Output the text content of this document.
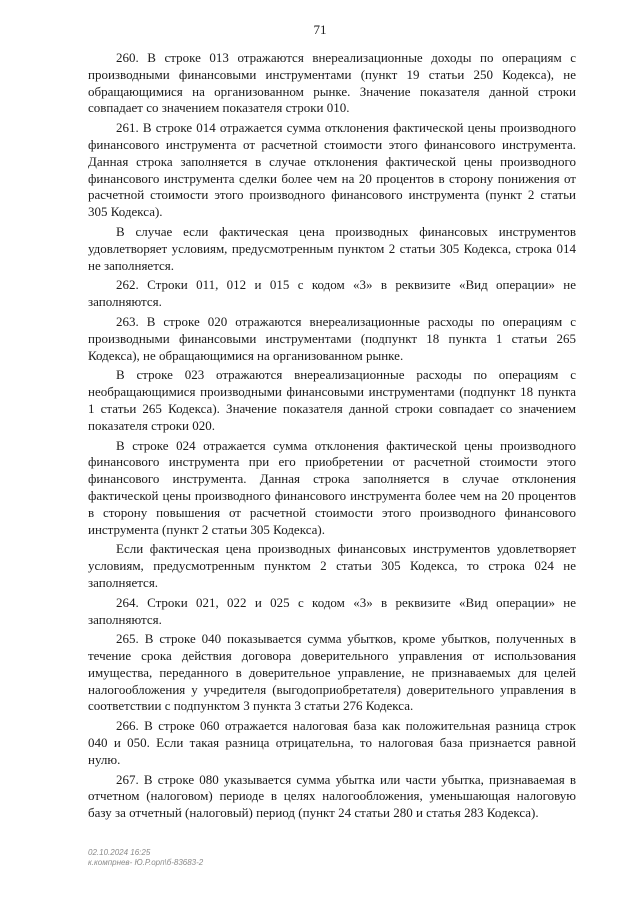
71

260. В строке 013 отражаются внереализационные доходы по операциям с производными финансовыми инструментами (пункт 19 статьи 250 Кодекса), не обращающимися на организованном рынке. Значение показателя данной строки совпадает со значением показателя строки 010.

261. В строке 014 отражается сумма отклонения фактической цены производного финансового инструмента от расчетной стоимости этого финансового инструмента. Данная строка заполняется в случае отклонения фактической цены производного финансового инструмента сделки более чем на 20 процентов в сторону понижения от расчетной стоимости этого производного финансового инструмента (пункт 2 статьи 305 Кодекса).

В случае если фактическая цена производных финансовых инструментов удовлетворяет условиям, предусмотренным пунктом 2 статьи 305 Кодекса, строка 014 не заполняется.

262. Строки 011, 012 и 015 с кодом «3» в реквизите «Вид операции» не заполняются.

263. В строке 020 отражаются внереализационные расходы по операциям с производными финансовыми инструментами (подпункт 18 пункта 1 статьи 265 Кодекса), не обращающимися на организованном рынке.

В строке 023 отражаются внереализационные расходы по операциям с необращающимися производными финансовыми инструментами (подпункт 18 пункта 1 статьи 265 Кодекса). Значение показателя данной строки совпадает со значением показателя строки 020.

В строке 024 отражается сумма отклонения фактической цены производного финансового инструмента при его приобретении от расчетной стоимости этого финансового инструмента. Данная строка заполняется в случае отклонения фактической цены производного финансового инструмента более чем на 20 процентов в сторону повышения от расчетной стоимости этого производного финансового инструмента (пункт 2 статьи 305 Кодекса).

Если фактическая цена производных финансовых инструментов удовлетворяет условиям, предусмотренным пунктом 2 статьи 305 Кодекса, то строка 024 не заполняется.

264. Строки 021, 022 и 025 с кодом «3» в реквизите «Вид операции» не заполняются.

265. В строке 040 показывается сумма убытков, кроме убытков, полученных в течение срока действия договора доверительного управления от использования имущества, переданного в доверительное управление, не признаваемых для целей налогообложения у учредителя (выгодоприобретателя) доверительного управления в соответствии с подпунктом 3 пункта 3 статьи 276 Кодекса.

266. В строке 060 отражается налоговая база как положительная разница строк 040 и 050. Если такая разница отрицательна, то налоговая база признается равной нулю.

267. В строке 080 указывается сумма убытка или части убытка, признаваемая в отчетном (налоговом) периоде в целях налогообложения, уменьшающая налоговую базу за отчетный (налоговый) период (пункт 24 статьи 280 и статья 283 Кодекса).

02.10.2024 16:25
к.компрнев- Ю.Р.орп\б-83683-2
